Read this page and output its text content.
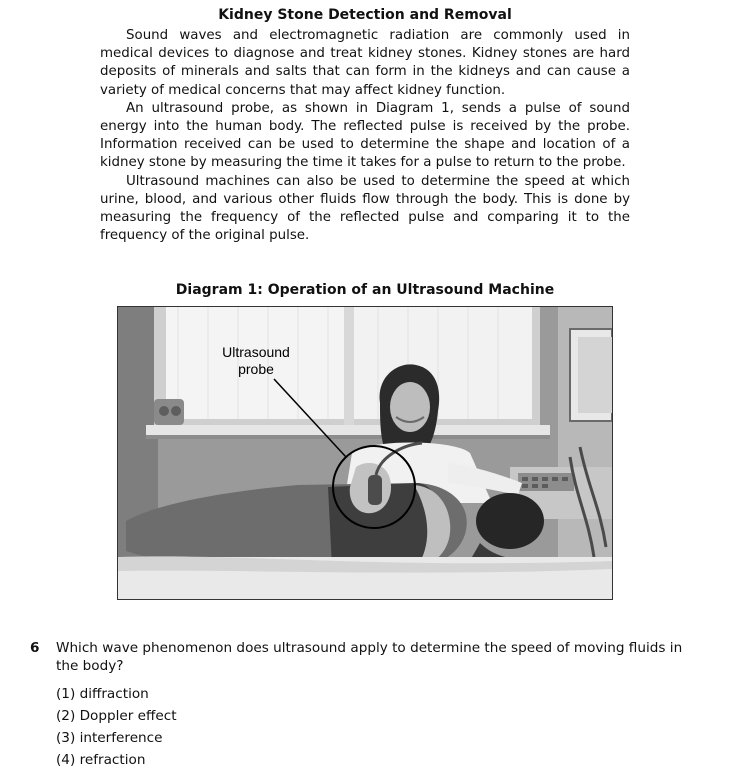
Kidney Stone Detection and Removal

Sound waves and electromagnetic radiation are commonly used in medical devices to diagnose and treat kidney stones. Kidney stones are hard deposits of minerals and salts that can form in the kidneys and can cause a variety of medical concerns that may affect kidney function.

An ultrasound probe, as shown in Diagram 1, sends a pulse of sound energy into the human body. The reflected pulse is received by the probe. Information received can be used to determine the shape and location of a kidney stone by measuring the time it takes for a pulse to return to the probe.

Ultrasound machines can also be used to determine the speed at which urine, blood, and various other fluids flow through the body. This is done by measuring the frequency of the reflected pulse and comparing it to the frequency of the original pulse.

Diagram 1: Operation of an Ultrasound Machine
Ultrasound
probe
6 Which wave phenomenon does ultrasound apply to determine the speed of moving fluids in the body?
(1) diffraction
(2) Doppler effect
(3) interference
(4) refraction
